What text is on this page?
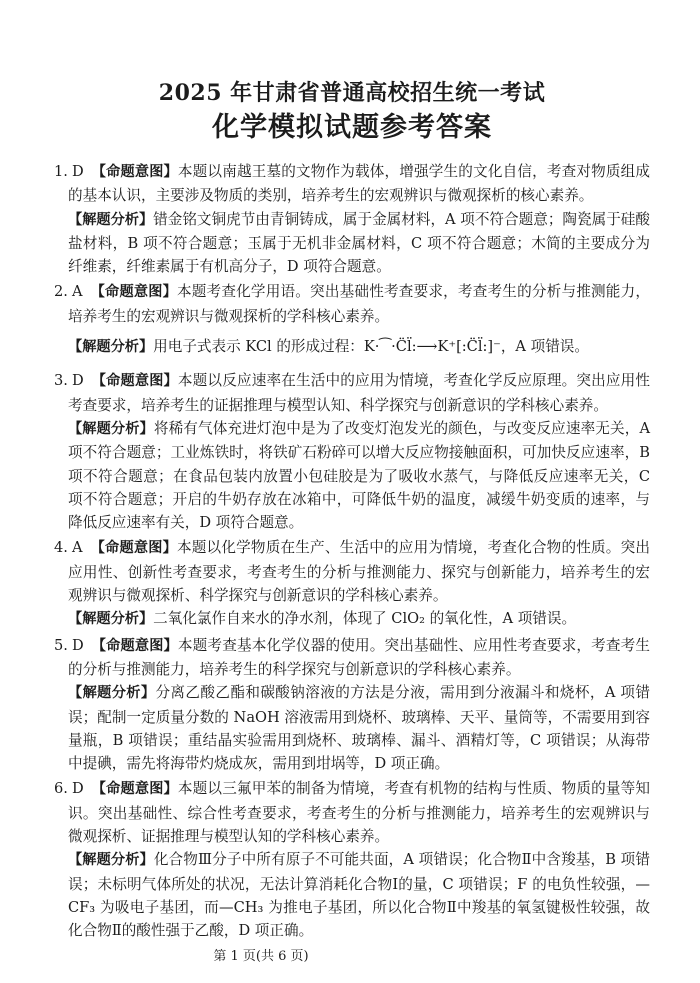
2025 年甘肃省普通高校招生统一考试
化学模拟试题参考答案

1. D 【命题意图】本题以南越王墓的文物作为载体，增强学生的文化自信，考查对物质组成的基本认识，主要涉及物质的类别，培养考生的宏观辨识与微观探析的核心素养。

【解题分析】错金铭文铜虎节由青铜铸成，属于金属材料，A 项不符合题意；陶瓷属于硅酸盐材料，B 项不符合题意；玉属于无机非金属材料，C 项不符合题意；木简的主要成分为纤维素，纤维素属于有机高分子，D 项符合题意。

2. A 【命题意图】本题考查化学用语。突出基础性考查要求，考查考生的分析与推测能力，培养考生的宏观辨识与微观探析的学科核心素养。

【解题分析】用电子式表示 KCl 的形成过程：K·⁀·C̈l̈:⟶K⁺[:C̈l̈:]⁻，A 项错误。

3. D 【命题意图】本题以反应速率在生活中的应用为情境，考查化学反应原理。突出应用性考查要求，培养考生的证据推理与模型认知、科学探究与创新意识的学科核心素养。

【解题分析】将稀有气体充进灯泡中是为了改变灯泡发光的颜色，与改变反应速率无关，A 项不符合题意；工业炼铁时，将铁矿石粉碎可以增大反应物接触面积，可加快反应速率，B 项不符合题意；在食品包装内放置小包硅胶是为了吸收水蒸气，与降低反应速率无关，C 项不符合题意；开启的牛奶存放在冰箱中，可降低牛奶的温度，减缓牛奶变质的速率，与降低反应速率有关，D 项符合题意。

4. A 【命题意图】本题以化学物质在生产、生活中的应用为情境，考查化合物的性质。突出应用性、创新性考查要求，考查考生的分析与推测能力、探究与创新能力，培养考生的宏观辨识与微观探析、科学探究与创新意识的学科核心素养。

【解题分析】二氧化氯作自来水的净水剂，体现了 ClO₂ 的氧化性，A 项错误。

5. D 【命题意图】本题考查基本化学仪器的使用。突出基础性、应用性考查要求，考查考生的分析与推测能力，培养考生的科学探究与创新意识的学科核心素养。

【解题分析】分离乙酸乙酯和碳酸钠溶液的方法是分液，需用到分液漏斗和烧杯，A 项错误；配制一定质量分数的 NaOH 溶液需用到烧杯、玻璃棒、天平、量筒等，不需要用到容量瓶，B 项错误；重结晶实验需用到烧杯、玻璃棒、漏斗、酒精灯等，C 项错误；从海带中提碘，需先将海带灼烧成灰，需用到坩埚等，D 项正确。

6. D 【命题意图】本题以三氟甲苯的制备为情境，考查有机物的结构与性质、物质的量等知识。突出基础性、综合性考查要求，考查考生的分析与推测能力，培养考生的宏观辨识与微观探析、证据推理与模型认知的学科核心素养。

【解题分析】化合物Ⅲ分子中所有原子不可能共面，A 项错误；化合物Ⅱ中含羧基，B 项错误；未标明气体所处的状况，无法计算消耗化合物Ⅰ的量，C 项错误；F 的电负性较强，—CF₃ 为吸电子基团，而—CH₃ 为推电子基团，所以化合物Ⅱ中羧基的氧氢键极性较强，故化合物Ⅱ的酸性强于乙酸，D 项正确。

第 1 页(共 6 页)
